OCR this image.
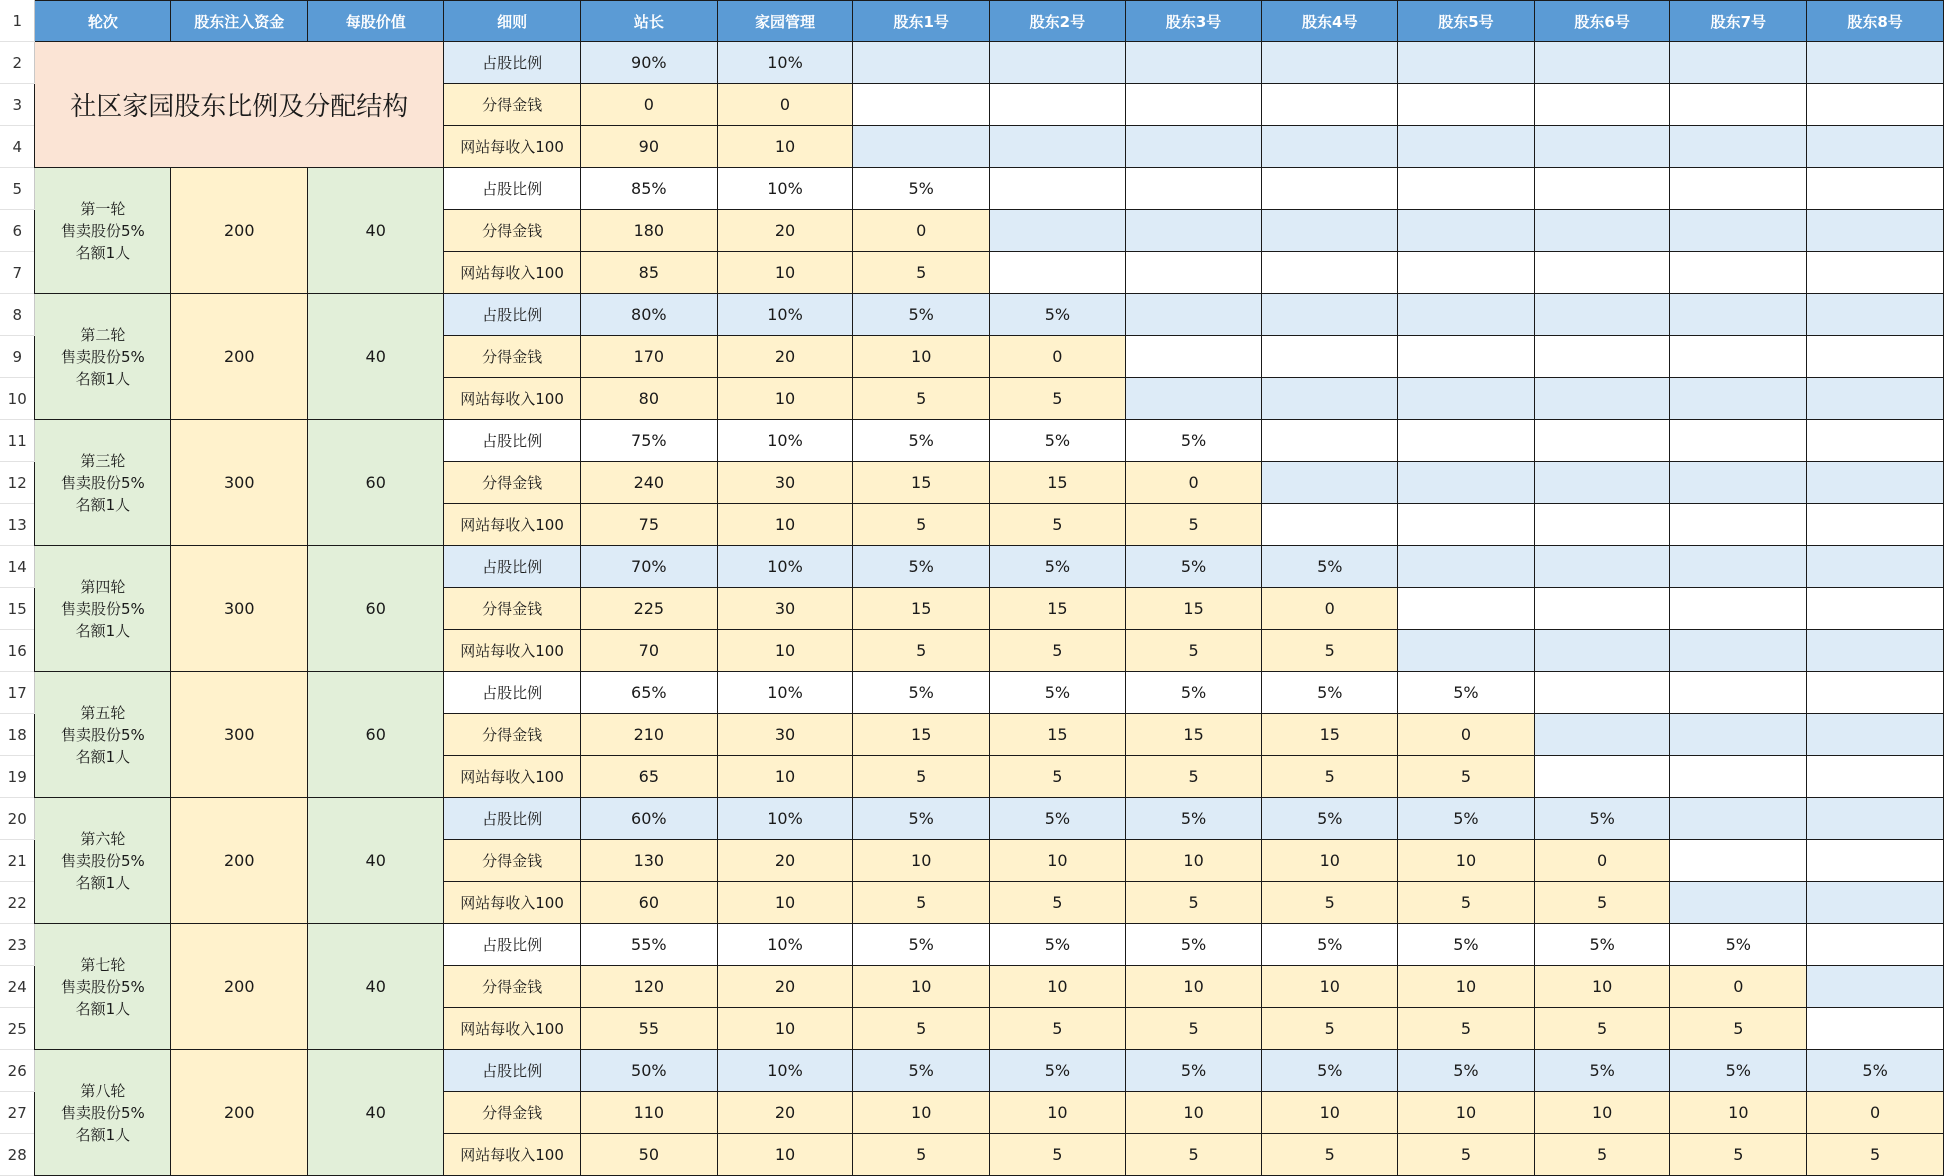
1	轮次	股东注入资金	每股价值	细则	站长	家园管理	股东1号	股东2号	股东3号	股东4号	股东5号	股东6号	股东7号	股东8号
2	社区家园股东比例及分配结构			占股比例	90%	10%								
3				分得金钱	0	0								
4				网站每收入100	90	10								
5	第一轮
售卖股份5%
名额1人	200	40	占股比例	85%	10%	5%							
6				分得金钱	180	20	0							
7				网站每收入100	85	10	5							
8	第二轮
售卖股份5%
名额1人	200	40	占股比例	80%	10%	5%	5%						
9				分得金钱	170	20	10	0						
10				网站每收入100	80	10	5	5						
11	第三轮
售卖股份5%
名额1人	300	60	占股比例	75%	10%	5%	5%	5%					
12				分得金钱	240	30	15	15	0					
13				网站每收入100	75	10	5	5	5					
14	第四轮
售卖股份5%
名额1人	300	60	占股比例	70%	10%	5%	5%	5%	5%				
15				分得金钱	225	30	15	15	15	0				
16				网站每收入100	70	10	5	5	5	5				
17	第五轮
售卖股份5%
名额1人	300	60	占股比例	65%	10%	5%	5%	5%	5%	5%			
18				分得金钱	210	30	15	15	15	15	0			
19				网站每收入100	65	10	5	5	5	5	5			
20	第六轮
售卖股份5%
名额1人	200	40	占股比例	60%	10%	5%	5%	5%	5%	5%	5%		
21				分得金钱	130	20	10	10	10	10	10	0		
22				网站每收入100	60	10	5	5	5	5	5	5		
23	第七轮
售卖股份5%
名额1人	200	40	占股比例	55%	10%	5%	5%	5%	5%	5%	5%	5%	
24				分得金钱	120	20	10	10	10	10	10	10	0	
25				网站每收入100	55	10	5	5	5	5	5	5	5	
26	第八轮
售卖股份5%
名额1人	200	40	占股比例	50%	10%	5%	5%	5%	5%	5%	5%	5%	5%
27				分得金钱	110	20	10	10	10	10	10	10	10	0
28				网站每收入100	50	10	5	5	5	5	5	5	5	5
